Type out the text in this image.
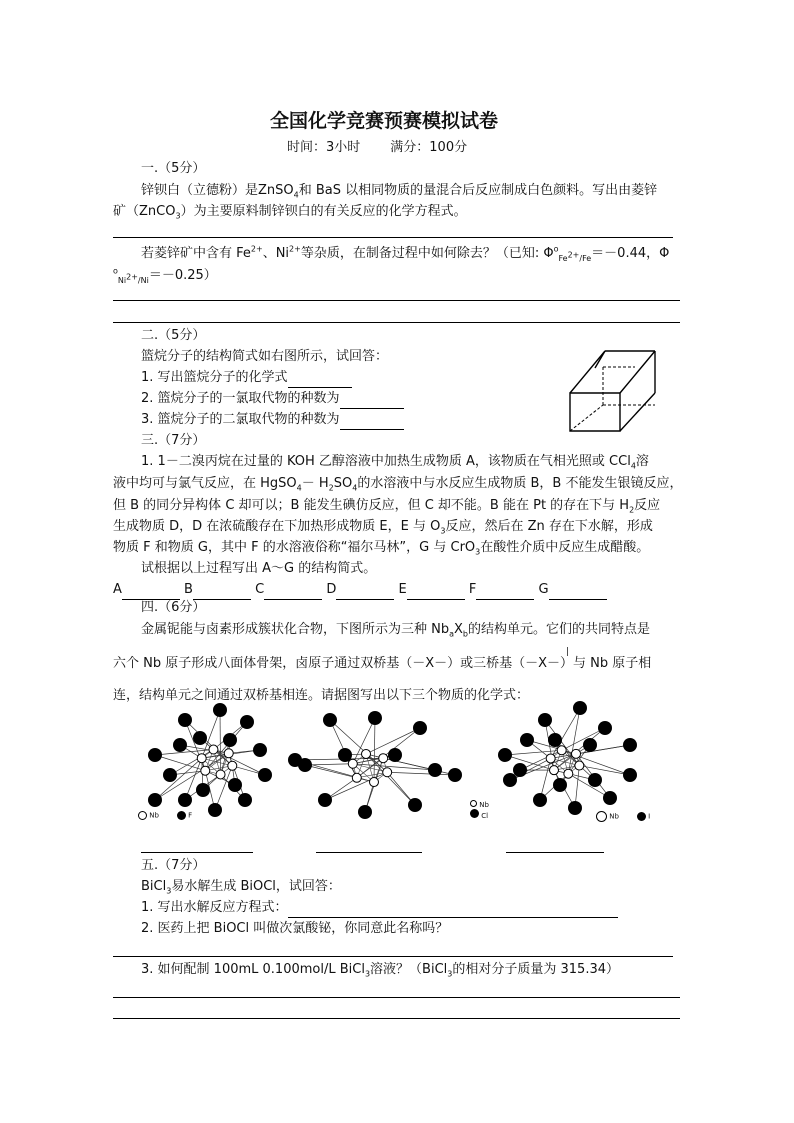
全国化学竞赛预赛模拟试卷
时间：3小时 满分：100分
一.（5分）
锌钡白（立德粉）是ZnSO$_4$和 BaS 以相同物质的量混合后反应制成白色颜料。写出由菱锌
矿（ZnCO$_3$）为主要原料制锌钡白的有关反应的化学方程式。
若菱锌矿中含有 $Fe^{2+}$、$Ni^{2+}$等杂质，在制备过程中如何除去？（已知: $\Phi^o_{Fe^{2+}/Fe}=-0.44$，Φ
$^o_{Ni^{2+}/Ni}$＝－0.25）
二.（5分）
篮烷分子的结构简式如右图所示，试回答：
1. 写出篮烷分子的化学式
2. 篮烷分子的一氯取代物的种数为
3. 篮烷分子的二氯取代物的种数为
三.（7分）
1. 1－二溴丙烷在过量的 KOH 乙醇溶液中加热生成物质 A，该物质在气相光照或 CCl$_4$溶
液中均可与氯气反应，在 HgSO$_4$－ $H_2SO_4$的水溶液中与水反应生成物质 B，B 不能发生银镜反应，
但 B 的同分异构体 C 却可以；B 能发生碘仿反应，但 C 却不能。B 能在 Pt 的存在下与 $H_2$反应
生成物质 D，D 在浓硫酸存在下加热形成物质 E，E 与 $O_3$反应，然后在 Zn 存在下水解，形成
物质 F 和物质 G，其中 F 的水溶液俗称“福尔马林”，G 与 CrO$_3$在酸性介质中反应生成醋酸。
试根据以上过程写出 A～G 的结构简式。
A	B	C	D	E	F	G
四.（6分）
金属铌能与卤素形成簇状化合物，下图所示为三种 $Nb_aX_b$的结构单元。它们的共同特点是
六个 Nb 原子形成八面体骨架，卤原子通过双桥基（－X－）或三桥基（－X－）与 Nb 原子相
|
连，结构单元之间通过双桥基相连。请据图写出以下三个物质的化学式：
Nb	F
Nb
Cl	Nb	I
五.（7分）
BiCl$_3$易水解生成 BiOCl，试回答：
1. 写出水解反应方程式：
2. 医药上把 BiOCl 叫做次氯酸铋，你同意此名称吗？
3. 如何配制 100mL 0.100mol/L BiCl$_3$溶液？（BiCl$_3$的相对分子质量为 315.34）
